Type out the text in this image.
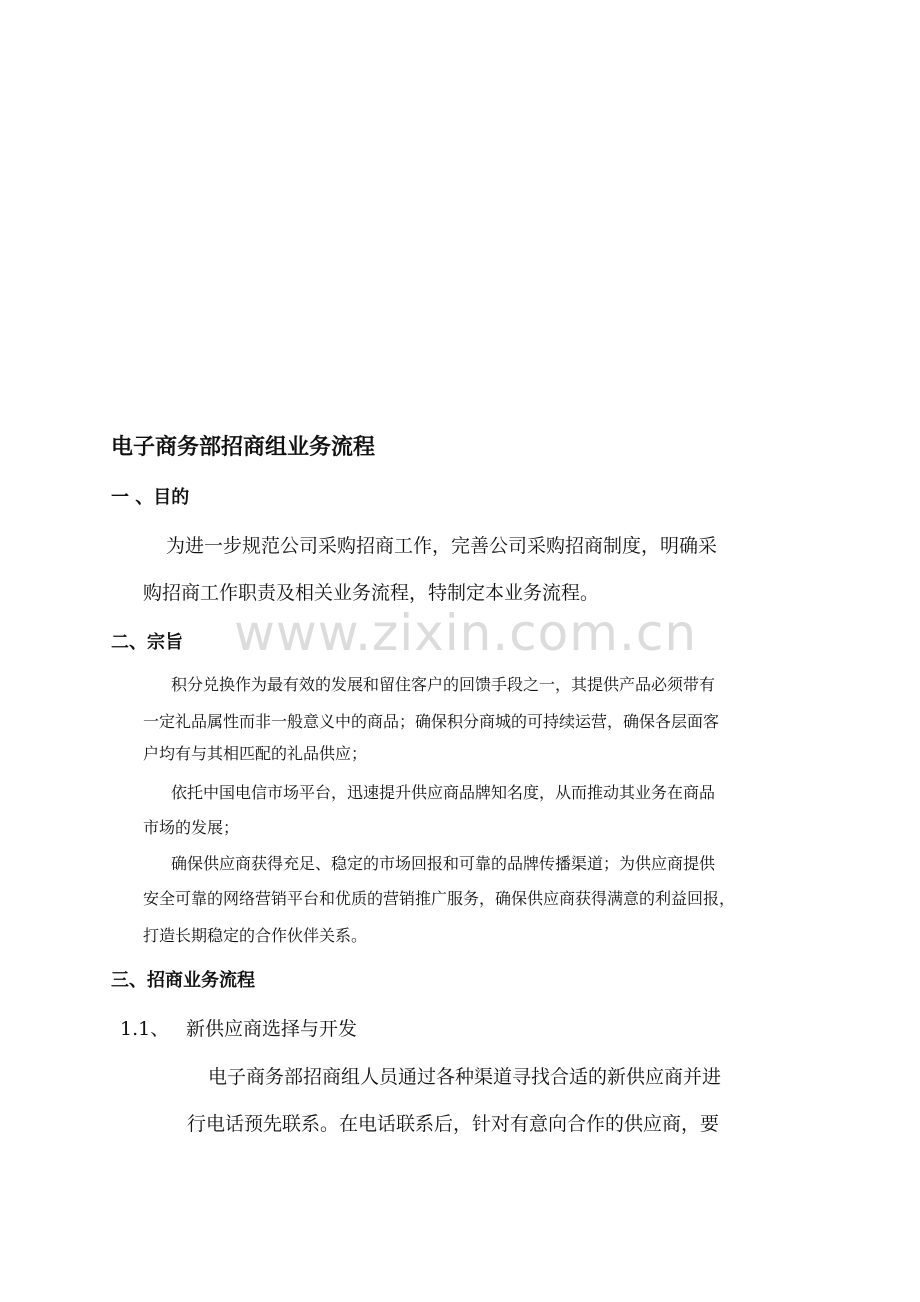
www.zixin.com.cn

电子商务部招商组业务流程

一 、目的

为进一步规范公司采购招商工作，完善公司采购招商制度，明确采

购招商工作职责及相关业务流程，特制定本业务流程。

二、宗旨

积分兑换作为最有效的发展和留住客户的回馈手段之一，其提供产品必须带有

一定礼品属性而非一般意义中的商品；确保积分商城的可持续运营，确保各层面客

户均有与其相匹配的礼品供应；

依托中国电信市场平台，迅速提升供应商品牌知名度，从而推动其业务在商品

市场的发展；

确保供应商获得充足、稳定的市场回报和可靠的品牌传播渠道；为供应商提供

安全可靠的网络营销平台和优质的营销推广服务，确保供应商获得满意的利益回报，

打造长期稳定的合作伙伴关系。

三、招商业务流程

1.1、 新供应商选择与开发

电子商务部招商组人员通过各种渠道寻找合适的新供应商并进

行电话预先联系。在电话联系后，针对有意向合作的供应商，要
